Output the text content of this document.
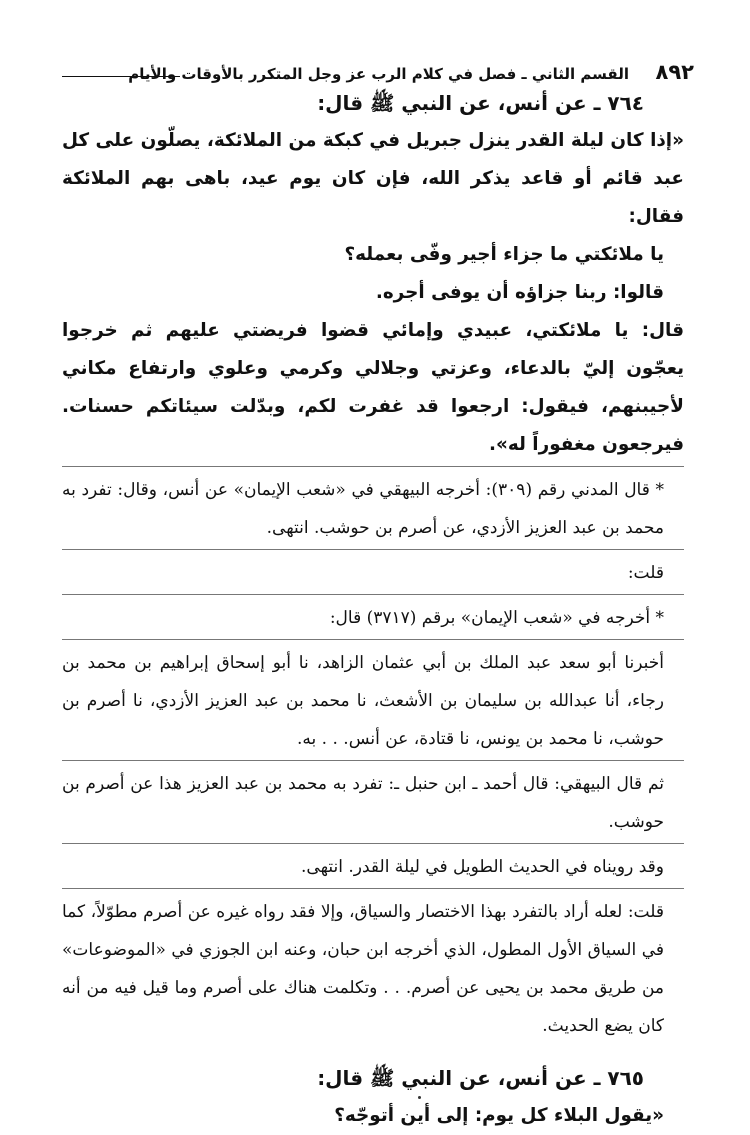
٨٩٢
القسم الثاني ـ فصل في كلام الرب عز وجل المتكرر بالأوقات والأيام

٧٦٤ ـ عن أنس، عن النبي ﷺ قال:

«إذا كان ليلة القدر ينزل جبريل في كبكة من الملائكة، يصلّون على كل عبد قائم أو قاعد يذكر الله، فإن كان يوم عيد، باهى بهم الملائكة فقال:

يا ملائكتي ما جزاء أجير وفّى بعمله؟

قالوا: ربنا جزاؤه أن يوفى أجره.

قال: يا ملائكتي، عبيدي وإمائي قضوا فريضتي عليهم ثم خرجوا يعجّون إليّ بالدعاء، وعزتي وجلالي وكرمي وعلوي وارتفاع مكاني لأجيبنهم، فيقول: ارجعوا قد غفرت لكم، وبدّلت سيئاتكم حسنات. فيرجعون مغفوراً له».

* قال المدني رقم (٣٠٩): أخرجه البيهقي في «شعب الإيمان» عن أنس، وقال: تفرد به محمد بن عبد العزيز الأزدي، عن أصرم بن حوشب. انتهى.

قلت:

* أخرجه في «شعب الإيمان» برقم (٣٧١٧) قال:

أخبرنا أبو سعد عبد الملك بن أبي عثمان الزاهد، نا أبو إسحاق إبراهيم بن محمد بن رجاء، أنا عبدالله بن سليمان بن الأشعث، نا محمد بن عبد العزيز الأزدي، نا أصرم بن حوشب، نا محمد بن يونس، نا قتادة، عن أنس. . . به.

ثم قال البيهقي: قال أحمد ـ ابن حنبل ـ: تفرد به محمد بن عبد العزيز هذا عن أصرم بن حوشب.

وقد رويناه في الحديث الطويل في ليلة القدر. انتهى.

قلت: لعله أراد بالتفرد بهذا الاختصار والسياق، وإلا فقد رواه غيره عن أصرم مطوّلاً، كما في السياق الأول المطول، الذي أخرجه ابن حبان، وعنه ابن الجوزي في «الموضوعات» من طريق محمد بن يحيى عن أصرم. . . وتكلمت هناك على أصرم وما قيل فيه من أنه كان يضع الحديث.

٧٦٥ ـ عن أنس، عن النبي ﷺ قال:

«يقول البلاء كل يوم: إلى أين أتوجّه؟
